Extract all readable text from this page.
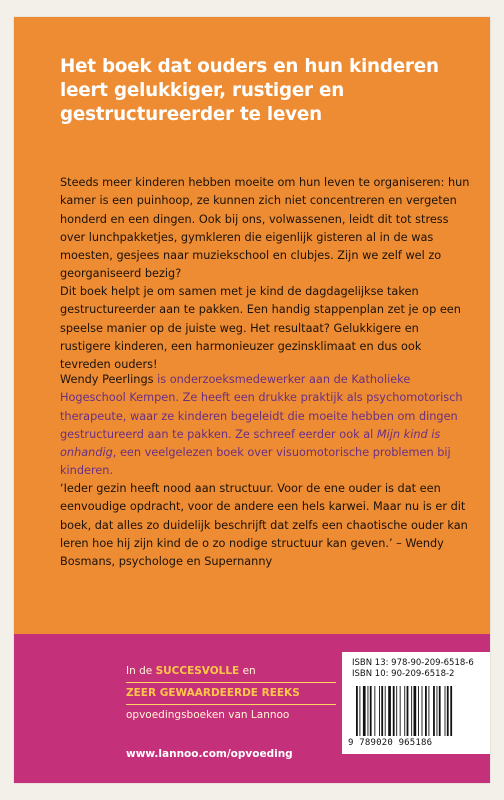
Het boek dat ouders en hun kinderen leert gelukkiger, rustiger en gestructureerder te leven

Steeds meer kinderen hebben moeite om hun leven te organiseren: hun kamer is een puinhoop, ze kunnen zich niet concentreren en vergeten honderd en een dingen. Ook bij ons, volwassenen, leidt dit tot stress over lunchpakketjes, gymklеren die eigenlijk gisteren al in de was moesten, gesjees naar muziekschool en clubjes. Zijn we zelf wel zo georganiseerd bezig?

Dit boek helpt je om samen met je kind de dagdagelijkse taken gestructureerder aan te pakken. Een handig stappenplan zet je op een speelse manier op de juiste weg. Het resultaat? Gelukkigere en rustigere kinderen, een harmonieuzer gezinsklimaat en dus ook tevreden ouders!

Wendy Peerlings is onderzoeksmedewerker aan de Katholieke Hogeschool Kempen. Ze heeft een drukke praktijk als psychomotorisch therapeute, waar ze kinderen begeleidt die moeite hebben om dingen gestructureerd aan te pakken. Ze schreef eerder ook al Mijn kind is onhandig, een veelgelezen boek over visuomotorische problemen bij kinderen.

‘Ieder gezin heeft nood aan structuur. Voor de ene ouder is dat een eenvoudige opdracht, voor de andere een hels karwei. Maar nu is er dit boek, dat alles zo duidelijk beschrijft dat zelfs een chaotische ouder kan leren hoe hij zijn kind de o zo nodige structuur kan geven.’ – Wendy Bosmans, psychologe en Supernanny

In de SUCCESVOLLE en
ZEER GEWAARDEERDE REEKS
opvoedingsboeken van Lannoo
www.lannoo.com/opvoeding
ISBN 13: 978-90-209-6518-6
ISBN 10: 90-209-6518-2
9 789020 965186
